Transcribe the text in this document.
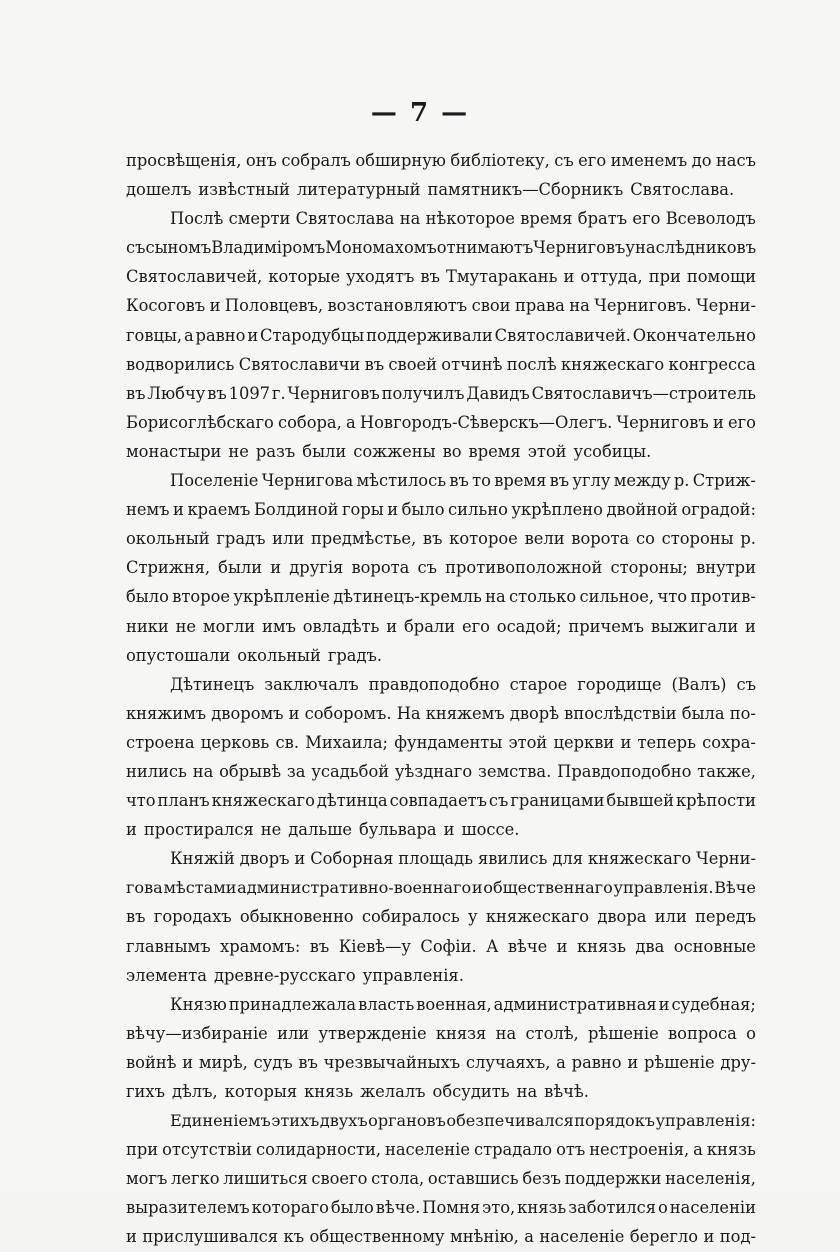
— 7 —
просвѣщенія, онъ собралъ обширную библіотеку, съ его именемъ до насъ
дошелъ извѣстный литературный памятникъ—Сборникъ Святослава.
Послѣ смерти Святослава на нѣкоторое время братъ его Всеволодъ
съ сыномъ Владиміромъ Мономахомъ отнимаютъ Черниговъ у наслѣдниковъ
Святославичей, которые уходятъ въ Тмутаракань и оттуда, при помощи
Косоговъ и Половцевъ, возстановляютъ свои права на Черниговъ. Черни-
говцы, а равно и Стародубцы поддерживали Святославичей. Окончательно
водворились Святославичи въ своей отчинѣ послѣ княжескаго конгресса
въ Любчу въ 1097 г. Черниговъ получилъ Давидъ Святославичъ—строитель
Борисоглѣбскаго собора, а Новгородъ-Сѣверскъ—Олегъ. Черниговъ и его
монастыри не разъ были сожжены во время этой усобицы.
Поселеніе Чернигова мѣстилось въ то время въ углу между р. Стриж-
немъ и краемъ Болдиной горы и было сильно укрѣплено двойной оградой:
окольный градъ или предмѣстье, въ которое вели ворота со стороны р.
Стрижня, были и другія ворота съ противоположной стороны; внутри
было второе укрѣпленіе дѣтинецъ-кремль на столько сильное, что против-
ники не могли имъ овладѣть и брали его осадой; причемъ выжигали и
опустошали окольный градъ.
Дѣтинецъ заключалъ правдоподобно старое городище (Валъ) съ
княжимъ дворомъ и соборомъ. На княжемъ дворѣ впослѣдствіи была по-
строена церковь св. Михаила; фундаменты этой церкви и теперь сохра-
нились на обрывѣ за усадьбой уѣзднаго земства. Правдоподобно также,
что планъ княжескаго дѣтинца совпадаетъ съ границами бывшей крѣпости
и простирался не дальше бульвара и шоссе.
Княжій дворъ и Соборная площадь явились для княжескаго Черни-
гова мѣстами административно-военнаго и общественнаго управленія. Вѣче
въ городахъ обыкновенно собиралось у княжескаго двора или передъ
главнымъ храмомъ: въ Кіевѣ—у Софіи. А вѣче и князь два основные
элемента древне-русскаго управленія.
Князю принадлежала власть военная, административная и судебная;
вѣчу—избираніе или утвержденіе князя на столѣ, рѣшеніе вопроса о
войнѣ и мирѣ, судъ въ чрезвычайныхъ случаяхъ, а равно и рѣшеніе дру-
гихъ дѣлъ, которыя князь желалъ обсудить на вѣчѣ.
Единеніемъ этихъ двухъ органовъ обезпечивался порядокъ управленія:
при отсутствіи солидарности, населеніе страдало отъ нестроенія, а князь
могъ легко лишиться своего стола, оставшись безъ поддержки населенія,
выразителемъ котораго было вѣче. Помня это, князь заботился о населеніи
и прислушивался къ общественному мнѣнію, а населеніе берегло и под-
